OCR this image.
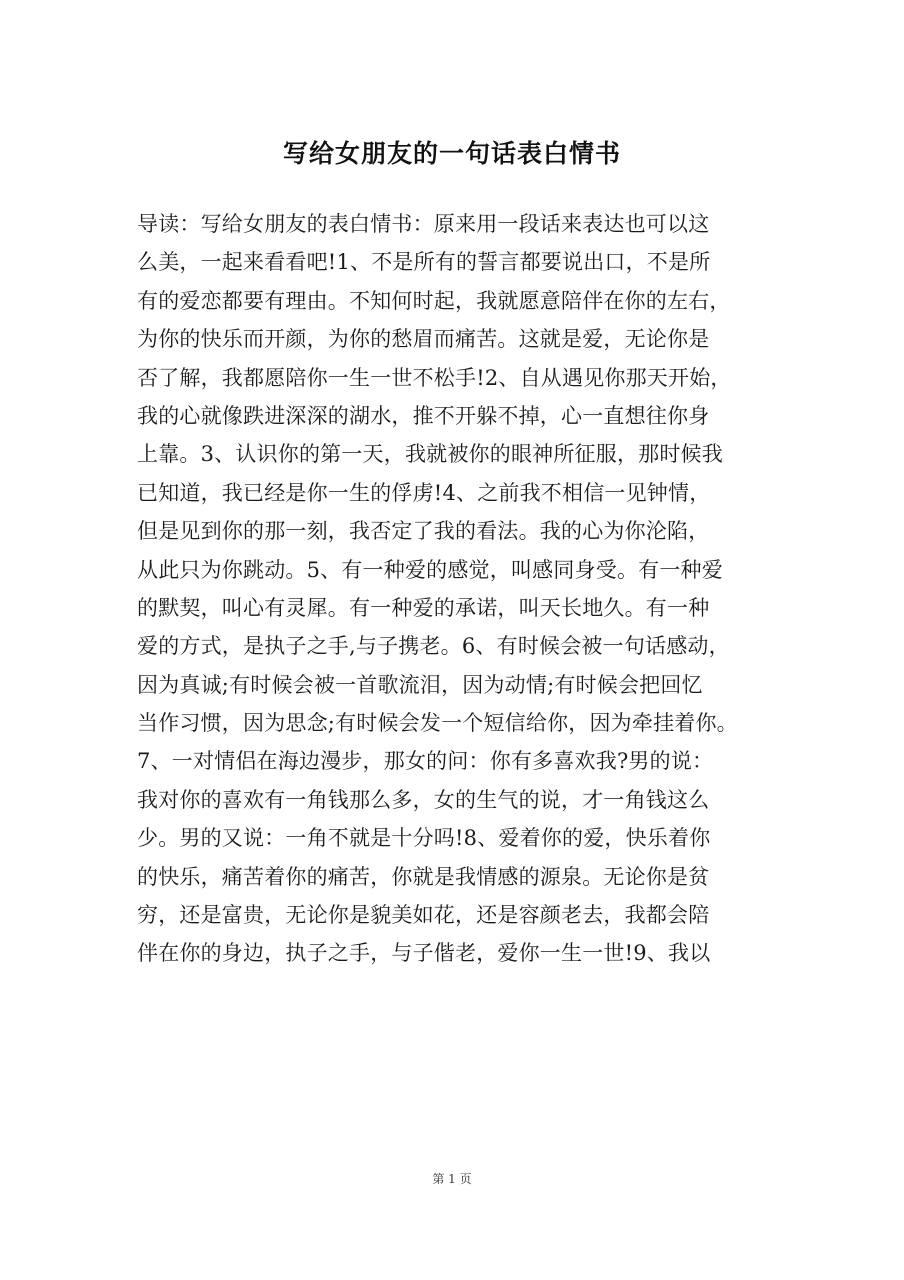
写给女朋友的一句话表白情书
导读：写给女朋友的表白情书：原来用一段话来表达也可以这
么美，一起来看看吧!1、不是所有的誓言都要说出口，不是所
有的爱恋都要有理由。不知何时起，我就愿意陪伴在你的左右，
为你的快乐而开颜，为你的愁眉而痛苦。这就是爱，无论你是
否了解，我都愿陪你一生一世不松手!2、自从遇见你那天开始，
我的心就像跌进深深的湖水，推不开躲不掉，心一直想往你身
上靠。3、认识你的第一天，我就被你的眼神所征服，那时候我
已知道，我已经是你一生的俘虏!4、之前我不相信一见钟情，
但是见到你的那一刻，我否定了我的看法。我的心为你沦陷，
从此只为你跳动。5、有一种爱的感觉，叫感同身受。有一种爱
的默契，叫心有灵犀。有一种爱的承诺，叫天长地久。有一种
爱的方式，是执子之手,与子携老。6、有时候会被一句话感动，
因为真诚;有时候会被一首歌流泪，因为动情;有时候会把回忆
当作习惯，因为思念;有时候会发一个短信给你，因为牵挂着你。
7、一对情侣在海边漫步，那女的问：你有多喜欢我?男的说：
我对你的喜欢有一角钱那么多，女的生气的说，才一角钱这么
少。男的又说：一角不就是十分吗!8、爱着你的爱，快乐着你
的快乐，痛苦着你的痛苦，你就是我情感的源泉。无论你是贫
穷，还是富贵，无论你是貌美如花，还是容颜老去，我都会陪
伴在你的身边，执子之手，与子偕老，爱你一生一世!9、我以
第 1 页
